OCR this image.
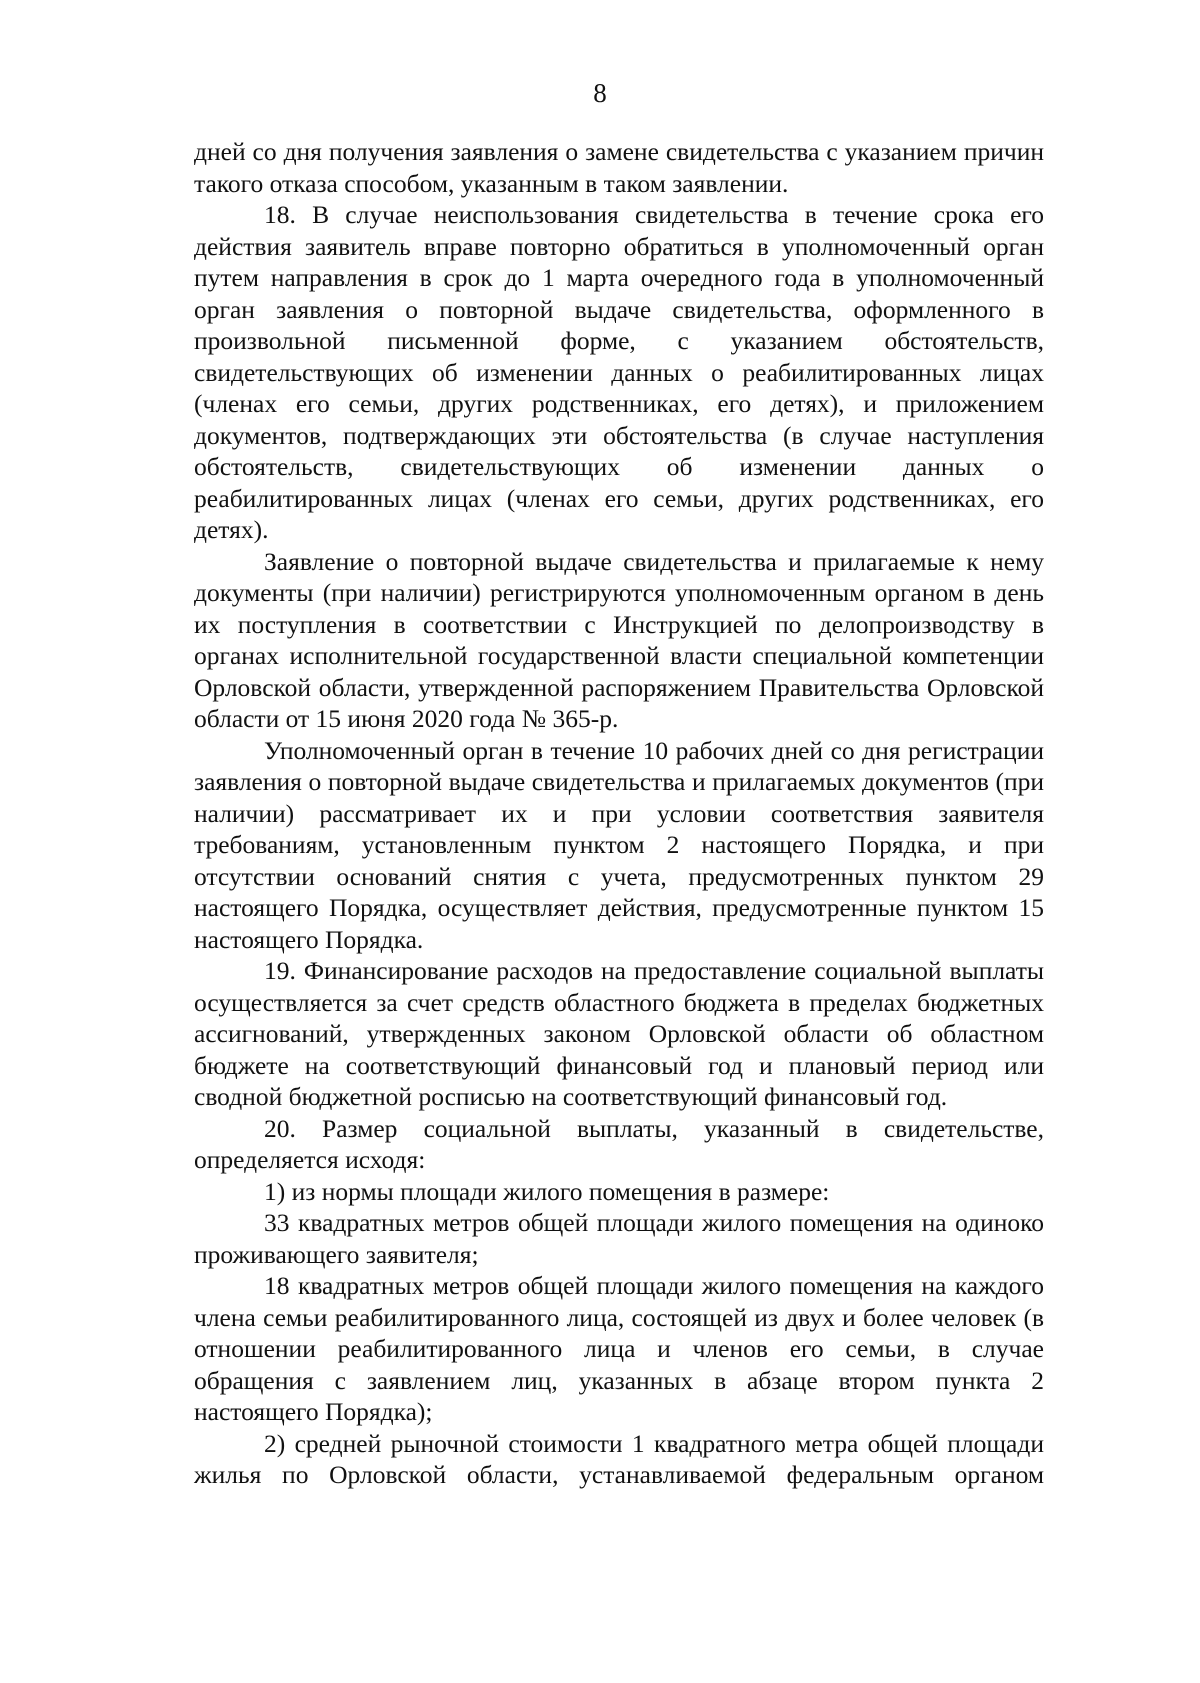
8

дней со дня получения заявления о замене свидетельства с указанием причин такого отказа способом, указанным в таком заявлении.

18. В случае неиспользования свидетельства в течение срока его действия заявитель вправе повторно обратиться в уполномоченный орган путем направления в срок до 1 марта очередного года в уполномоченный орган заявления о повторной выдаче свидетельства, оформленного в произвольной письменной форме, с указанием обстоятельств, свидетельствующих об изменении данных о реабилитированных лицах (членах его семьи, других родственниках, его детях), и приложением документов, подтверждающих эти обстоятельства (в случае наступления обстоятельств, свидетельствующих об изменении данных о реабилитированных лицах (членах его семьи, других родственниках, его детях).

Заявление о повторной выдаче свидетельства и прилагаемые к нему документы (при наличии) регистрируются уполномоченным органом в день их поступления в соответствии с Инструкцией по делопроизводству в органах исполнительной государственной власти специальной компетенции Орловской области, утвержденной распоряжением Правительства Орловской области от 15 июня 2020 года № 365-р.

Уполномоченный орган в течение 10 рабочих дней со дня регистрации заявления о повторной выдаче свидетельства и прилагаемых документов (при наличии) рассматривает их и при условии соответствия заявителя требованиям, установленным пунктом 2 настоящего Порядка, и при отсутствии оснований снятия с учета, предусмотренных пунктом 29 настоящего Порядка, осуществляет действия, предусмотренные пунктом 15 настоящего Порядка.

19. Финансирование расходов на предоставление социальной выплаты осуществляется за счет средств областного бюджета в пределах бюджетных ассигнований, утвержденных законом Орловской области об областном бюджете на соответствующий финансовый год и плановый период или сводной бюджетной росписью на соответствующий финансовый год.

20. Размер социальной выплаты, указанный в свидетельстве, определяется исходя:

1) из нормы площади жилого помещения в размере:

33 квадратных метров общей площади жилого помещения на одиноко проживающего заявителя;

18 квадратных метров общей площади жилого помещения на каждого члена семьи реабилитированного лица, состоящей из двух и более человек (в отношении реабилитированного лица и членов его семьи, в случае обращения с заявлением лиц, указанных в абзаце втором пункта 2 настоящего Порядка);

2) средней рыночной стоимости 1 квадратного метра общей площади жилья по Орловской области, устанавливаемой федеральным органом
